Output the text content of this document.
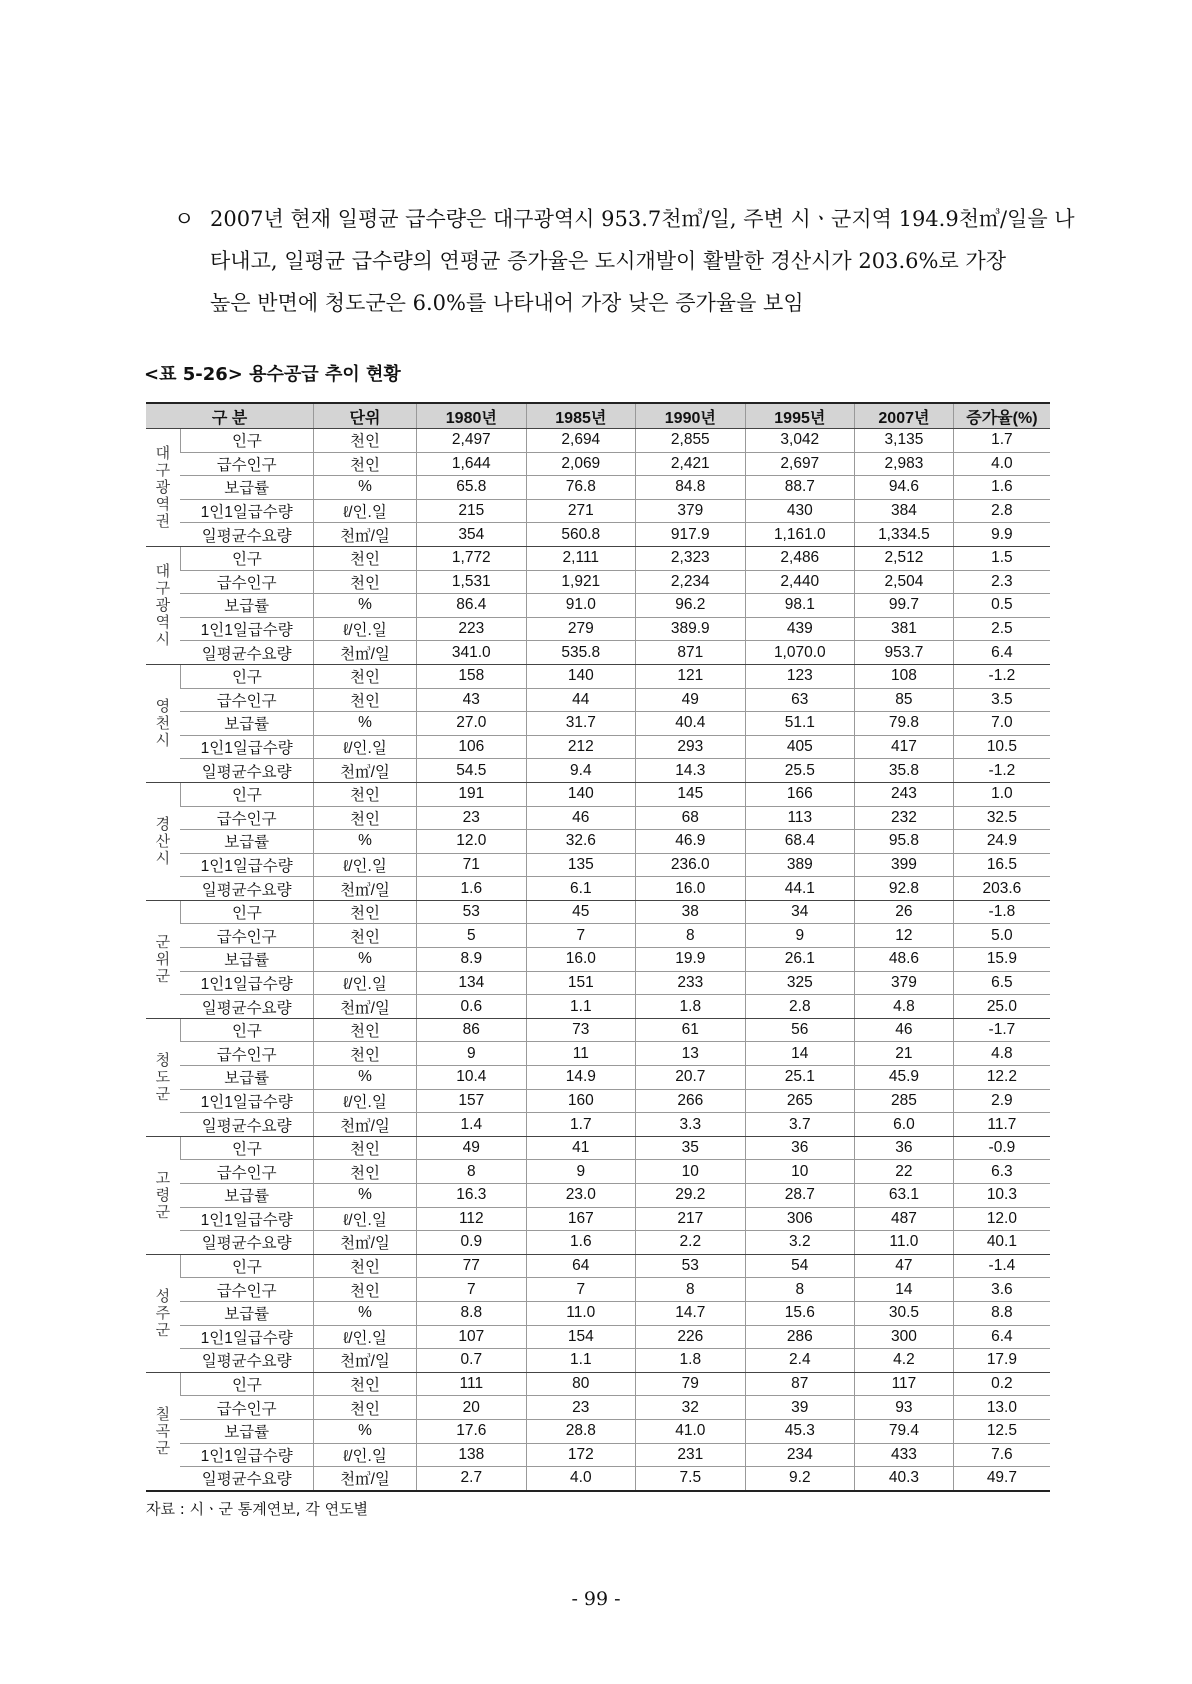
ㅇ 2007년 현재 일평균 급수량은 대구광역시 953.7천㎥/일, 주변 시ㆍ군지역 194.9천㎥/일을 나
타내고, 일평균 급수량의 연평균 증가율은 도시개발이 활발한 경산시가 203.6%로 가장
높은 반면에 청도군은 6.0%를 나타내어 가장 낮은 증가율을 보임
<표 5-26> 용수공급 추이 현황
구 분		단위	1980년	1985년	1990년	1995년	2007년	증가율(%)
대구광역권	인구	천인	2,497	2,694	2,855	3,042	3,135	1.7
	급수인구	천인	1,644	2,069	2,421	2,697	2,983	4.0
	보급률	%	65.8	76.8	84.8	88.7	94.6	1.6
	1인1일급수량	ℓ/인.일	215	271	379	430	384	2.8
	일평균수요량	천㎥/일	354	560.8	917.9	1,161.0	1,334.5	9.9
대구광역시	인구	천인	1,772	2,111	2,323	2,486	2,512	1.5
	급수인구	천인	1,531	1,921	2,234	2,440	2,504	2.3
	보급률	%	86.4	91.0	96.2	98.1	99.7	0.5
	1인1일급수량	ℓ/인.일	223	279	389.9	439	381	2.5
	일평균수요량	천㎥/일	341.0	535.8	871	1,070.0	953.7	6.4
영천시	인구	천인	158	140	121	123	108	-1.2
	급수인구	천인	43	44	49	63	85	3.5
	보급률	%	27.0	31.7	40.4	51.1	79.8	7.0
	1인1일급수량	ℓ/인.일	106	212	293	405	417	10.5
	일평균수요량	천㎥/일	54.5	9.4	14.3	25.5	35.8	-1.2
경산시	인구	천인	191	140	145	166	243	1.0
	급수인구	천인	23	46	68	113	232	32.5
	보급률	%	12.0	32.6	46.9	68.4	95.8	24.9
	1인1일급수량	ℓ/인.일	71	135	236.0	389	399	16.5
	일평균수요량	천㎥/일	1.6	6.1	16.0	44.1	92.8	203.6
군위군	인구	천인	53	45	38	34	26	-1.8
	급수인구	천인	5	7	8	9	12	5.0
	보급률	%	8.9	16.0	19.9	26.1	48.6	15.9
	1인1일급수량	ℓ/인.일	134	151	233	325	379	6.5
	일평균수요량	천㎥/일	0.6	1.1	1.8	2.8	4.8	25.0
청도군	인구	천인	86	73	61	56	46	-1.7
	급수인구	천인	9	11	13	14	21	4.8
	보급률	%	10.4	14.9	20.7	25.1	45.9	12.2
	1인1일급수량	ℓ/인.일	157	160	266	265	285	2.9
	일평균수요량	천㎥/일	1.4	1.7	3.3	3.7	6.0	11.7
고령군	인구	천인	49	41	35	36	36	-0.9
	급수인구	천인	8	9	10	10	22	6.3
	보급률	%	16.3	23.0	29.2	28.7	63.1	10.3
	1인1일급수량	ℓ/인.일	112	167	217	306	487	12.0
	일평균수요량	천㎥/일	0.9	1.6	2.2	3.2	11.0	40.1
성주군	인구	천인	77	64	53	54	47	-1.4
	급수인구	천인	7	7	8	8	14	3.6
	보급률	%	8.8	11.0	14.7	15.6	30.5	8.8
	1인1일급수량	ℓ/인.일	107	154	226	286	300	6.4
	일평균수요량	천㎥/일	0.7	1.1	1.8	2.4	4.2	17.9
칠곡군	인구	천인	111	80	79	87	117	0.2
	급수인구	천인	20	23	32	39	93	13.0
	보급률	%	17.6	28.8	41.0	45.3	79.4	12.5
	1인1일급수량	ℓ/인.일	138	172	231	234	433	7.6
	일평균수요량	천㎥/일	2.7	4.0	7.5	9.2	40.3	49.7
자료 : 시ㆍ군 통계연보, 각 연도별
- 99 -
